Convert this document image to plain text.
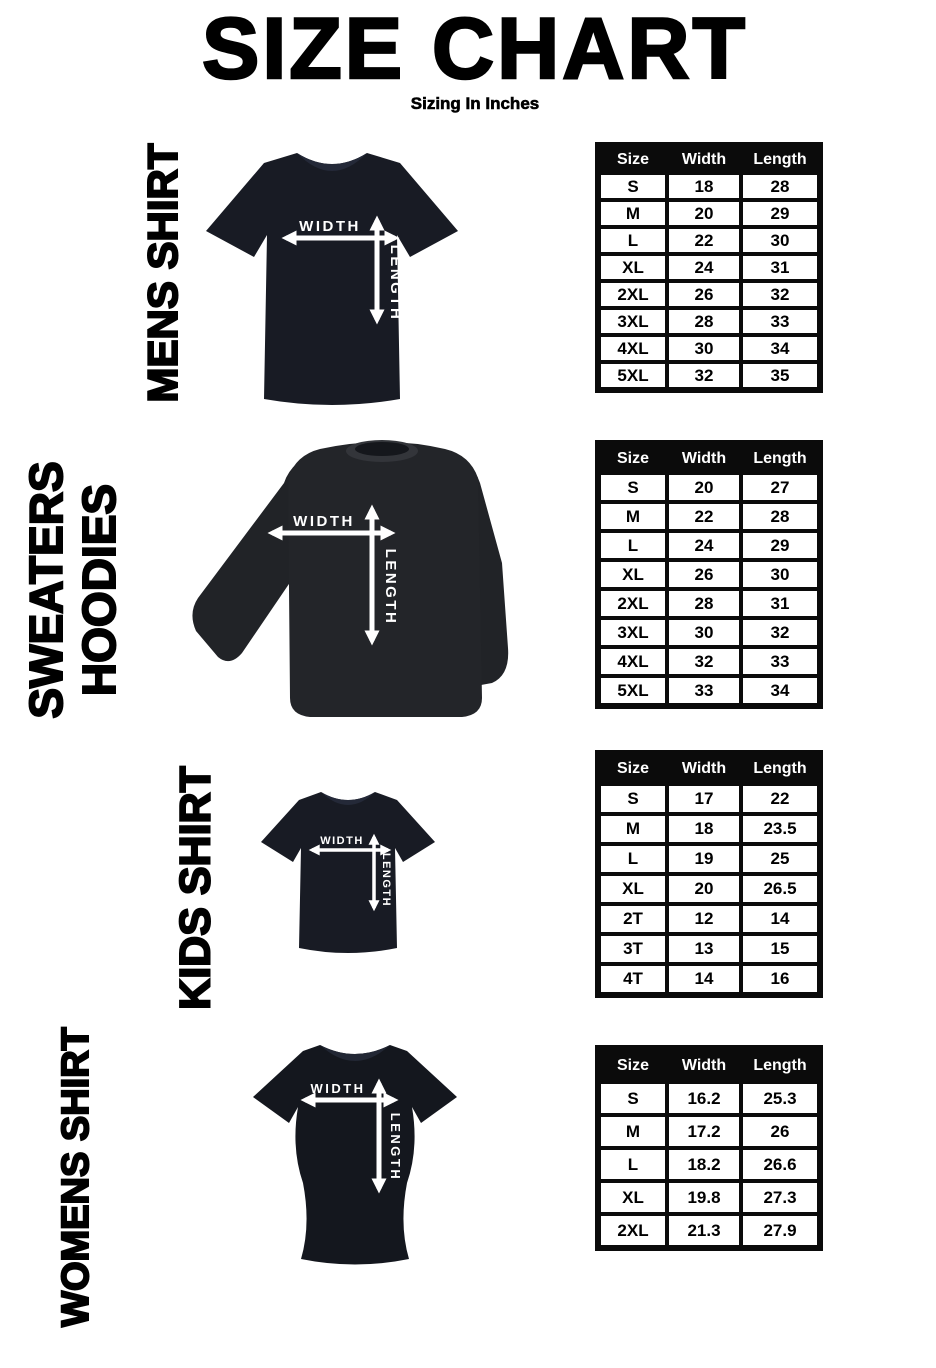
SIZE CHART
Sizing In Inches
MENS SHIRT
SWEATERS HOODIES
KIDS SHIRT
WOMENS SHIRT
WIDTH
LENGTH
WIDTH
LENGTH
WIDTH
LENGTH
WIDTH
LENGTH
Size	Width	Length
S	18	28
M	20	29
L	22	30
XL	24	31
2XL	26	32
3XL	28	33
4XL	30	34
5XL	32	35
Size	Width	Length
S	20	27
M	22	28
L	24	29
XL	26	30
2XL	28	31
3XL	30	32
4XL	32	33
5XL	33	34
Size	Width	Length
S	17	22
M	18	23.5
L	19	25
XL	20	26.5
2T	12	14
3T	13	15
4T	14	16
Size	Width	Length
S	16.2	25.3
M	17.2	26
L	18.2	26.6
XL	19.8	27.3
2XL	21.3	27.9
